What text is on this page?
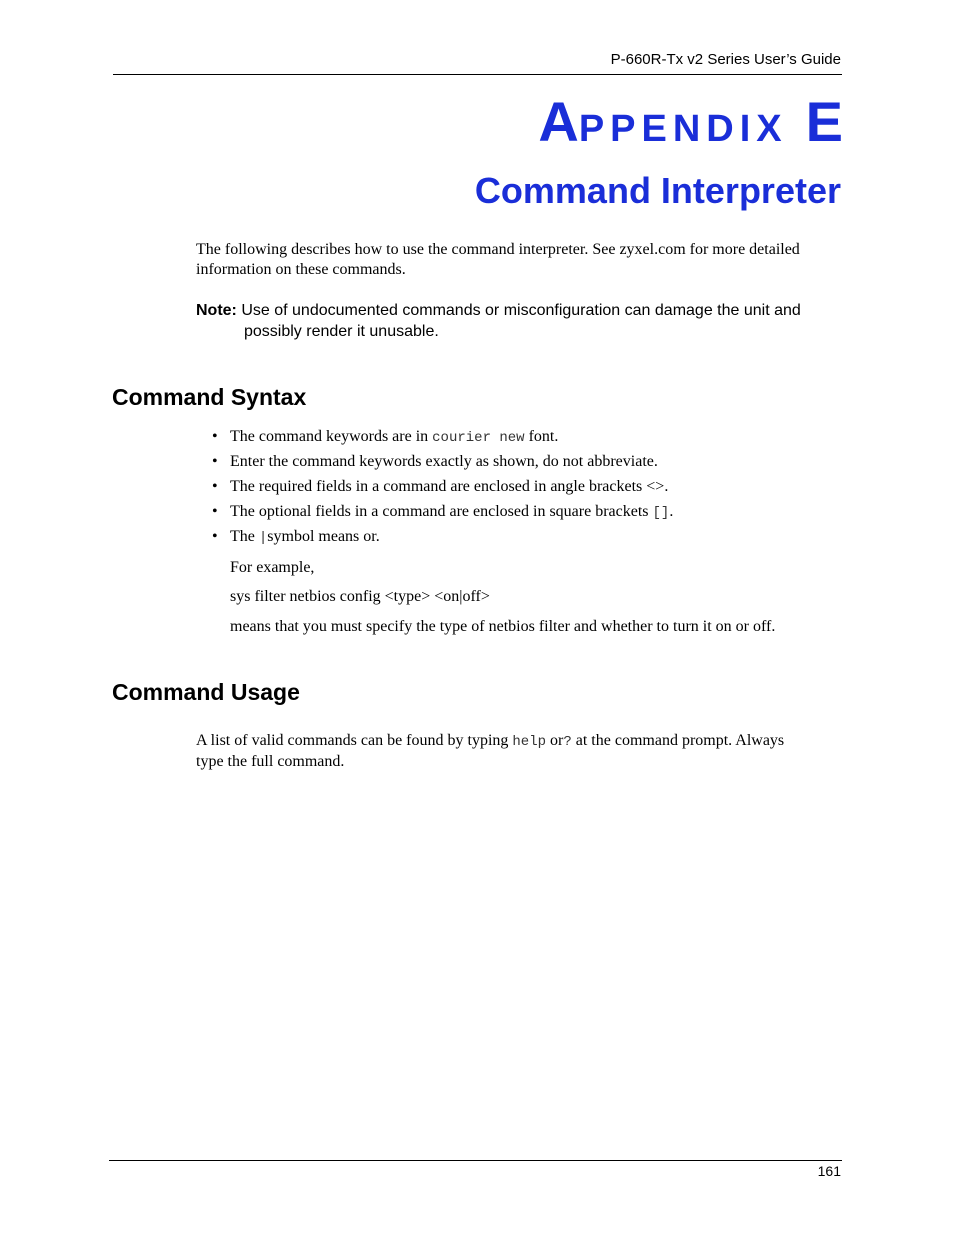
P-660R-Tx v2 Series User’s Guide
APPENDIX E
Command Interpreter
The following describes how to use the command interpreter. See zyxel.com for more detailed
information on these commands.
Note: Use of undocumented commands or misconfiguration can damage the unit and possibly render it unusable.
Command Syntax
• The command keywords are in courier new font.
• Enter the command keywords exactly as shown, do not abbreviate.
• The required fields in a command are enclosed in angle brackets <>.
• The optional fields in a command are enclosed in square brackets [].
• The |symbol means or.
For example,
sys filter netbios config <type> <on|off>
means that you must specify the type of netbios filter and whether to turn it on or off.
Command Usage
A list of valid commands can be found by typing help or? at the command prompt. Always
type the full command.
161
